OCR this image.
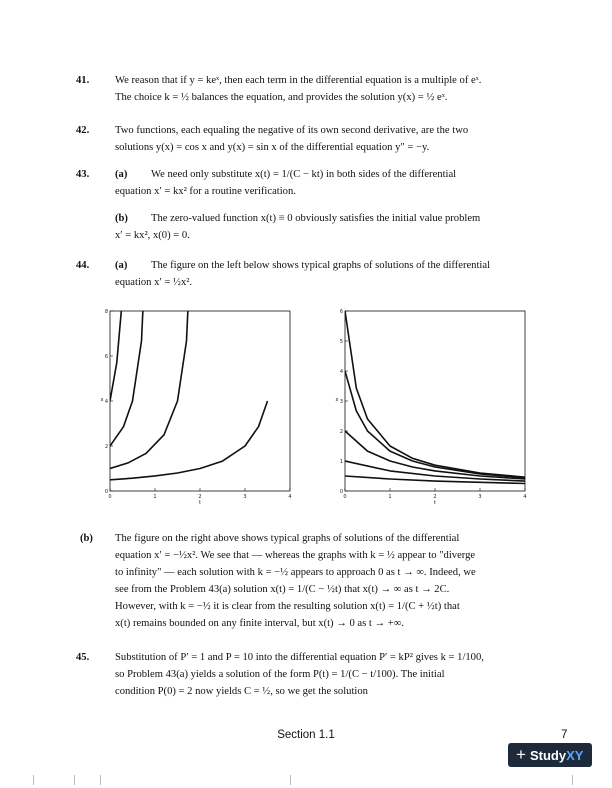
41.	We reason that if y = keˣ, then each term in the differential equation is a multiple of eˣ.
The choice k = ½ balances the equation, and provides the solution y(x) = ½ eˣ.
42.	Two functions, each equaling the negative of its own second derivative, are the two
solutions y(x) = cos x and y(x) = sin x of the differential equation y″ = −y.
43.	(a) We need only substitute x(t) = 1/(C − kt) in both sides of the differential
equation x′ = kx² for a routine verification.
(b) The zero-valued function x(t) ≡ 0 obviously satisfies the initial value problem
x′ = kx², x(0) = 0.
44.	(a) The figure on the left below shows typical graphs of solutions of the differential
equation x′ = ½x².
0	1	2	3	4
0
2
4
6
8
t
x
0	1	2	3	4
0
1
2
3
4
5
6
t
x
(b) The figure on the right above shows typical graphs of solutions of the differential
equation x′ = −½x². We see that — whereas the graphs with k = ½ appear to "diverge
to infinity" — each solution with k = −½ appears to approach 0 as t → ∞. Indeed, we
see from the Problem 43(a) solution x(t) = 1/(C − ½t) that x(t) → ∞ as t → 2C.
However, with k = −½ it is clear from the resulting solution x(t) = 1/(C + ½t) that
x(t) remains bounded on any finite interval, but x(t) → 0 as t → +∞.
45.	Substitution of P′ = 1 and P = 10 into the differential equation P′ = kP² gives k = 1/100,
so Problem 43(a) yields a solution of the form P(t) = 1/(C − t/100). The initial
condition P(0) = 2 now yields C = ½, so we get the solution
Section 1.1	7
+ StudyXY
